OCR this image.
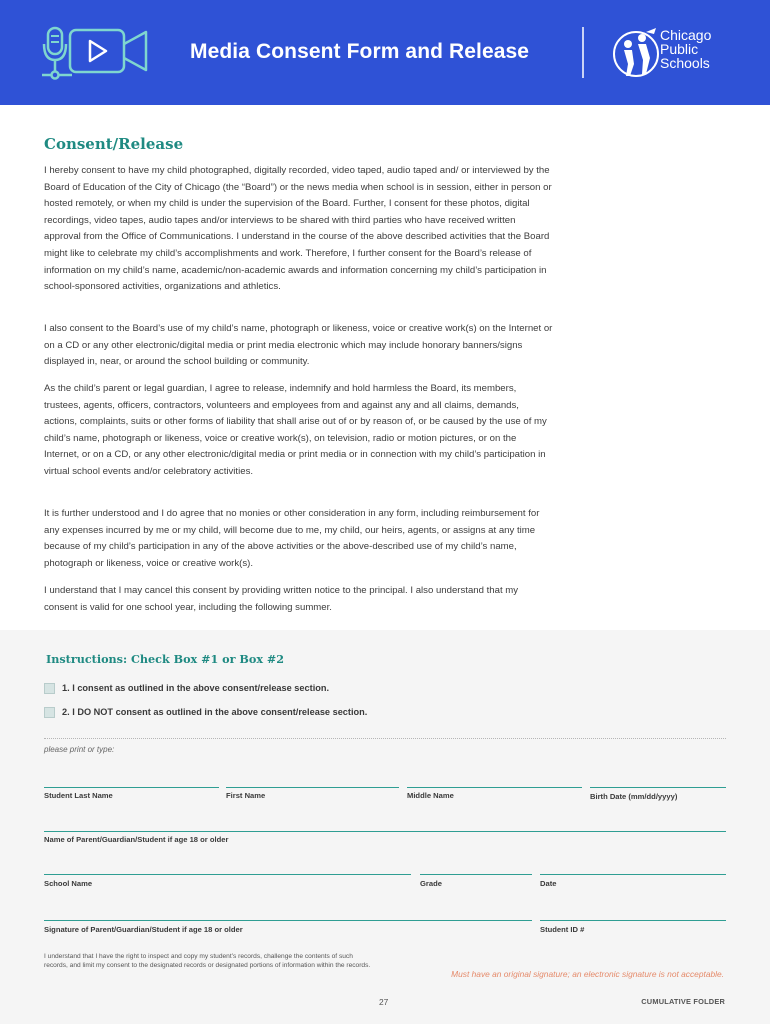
Media Consent Form and Release
Chicago
Public
Schools
Consent/Release
I hereby consent to have my child photographed, digitally recorded, video taped, audio taped and/ or interviewed by the Board of Education of the City of Chicago (the “Board”) or the news media when school is in session, either in person or hosted remotely, or when my child is under the supervision of the Board. Further, I consent for these photos, digital recordings, video tapes, audio tapes and/or interviews to be shared with third parties who have received written approval from the Office of Communications. I understand in the course of the above described activities that the Board might like to celebrate my child’s accomplishments and work. Therefore, I further consent for the Board’s release of information on my child’s name, academic/non-academic awards and information concerning my child’s participation in school-sponsored activities, organizations and athletics.
I also consent to the Board’s use of my child’s name, photograph or likeness, voice or creative work(s) on the Internet or on a CD or any other electronic/digital media or print media electronic which may include honorary banners/signs displayed in, near, or around the school building or community.
As the child’s parent or legal guardian, I agree to release, indemnify and hold harmless the Board, its members, trustees, agents, officers, contractors, volunteers and employees from and against any and all claims, demands, actions, complaints, suits or other forms of liability that shall arise out of or by reason of, or be caused by the use of my child’s name, photograph or likeness, voice or creative work(s), on television, radio or motion pictures, or on the Internet, or on a CD, or any other electronic/digital media or print media or in connection with my child’s participation in virtual school events and/or celebratory activities.
It is further understood and I do agree that no monies or other consideration in any form, including reimbursement for any expenses incurred by me or my child, will become due to me, my child, our heirs, agents, or assigns at any time because of my child’s participation in any of the above activities or the above-described use of my child’s name, photograph or likeness, voice or creative work(s).
I understand that I may cancel this consent by providing written notice to the principal. I also understand that my consent is valid for one school year, including the following summer.
Instructions: Check Box #1 or Box #2
1. I consent as outlined in the above consent/release section.
2. I DO NOT consent as outlined in the above consent/release section.
please print or type:
Student Last Name	First Name	Middle Name	Birth Date (mm/dd/yyyy)
Name of Parent/Guardian/Student if age 18 or older
School Name	Grade	Date
Signature of Parent/Guardian/Student if age 18 or older	Student ID #
I understand that I have the right to inspect and copy my student’s records, challenge the contents of such records, and limit my consent to the designated records or designated portions of information within the records.
Must have an original signature; an electronic signature is not acceptable.
27	CUMULATIVE FOLDER
